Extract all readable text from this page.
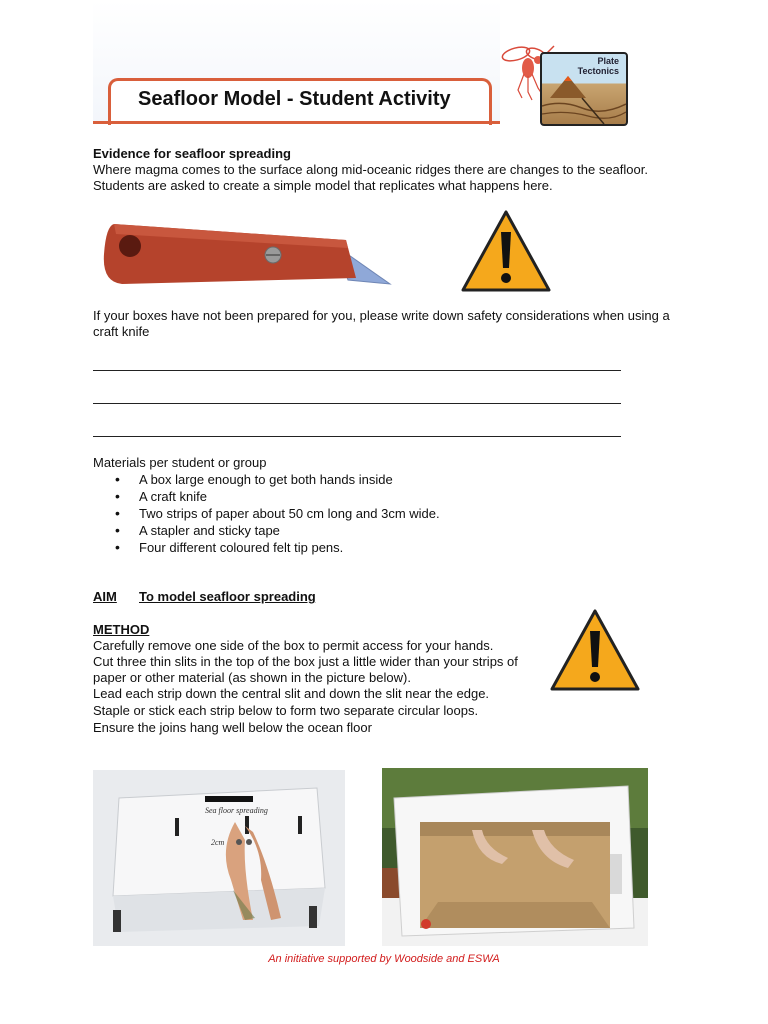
Seafloor Model - Student Activity
Plate Tectonics
Evidence for seafloor spreading
Where magma comes to the surface along mid-oceanic ridges there are changes to the seafloor.
Students are asked to create a simple model that replicates what happens here.
If your boxes have not been prepared for you, please write down safety considerations when using a
craft knife
Materials per student or group
• A box large enough to get both hands inside
• A craft knife
• Two strips of paper about 50 cm long and 3cm wide.
• A stapler and sticky tape
• Four different coloured felt tip pens.
AIM To model seafloor spreading
METHOD
Carefully remove one side of the box to permit access for your hands.
Cut three thin slits in the top of the box just a little wider than your strips of
paper or other material (as shown in the picture below).
Lead each strip down the central slit and down the slit near the edge.
Staple or stick each strip below to form two separate circular loops.
Ensure the joins hang well below the ocean floor
Sea floor spreading
2cm
An initiative supported by Woodside and ESWA
